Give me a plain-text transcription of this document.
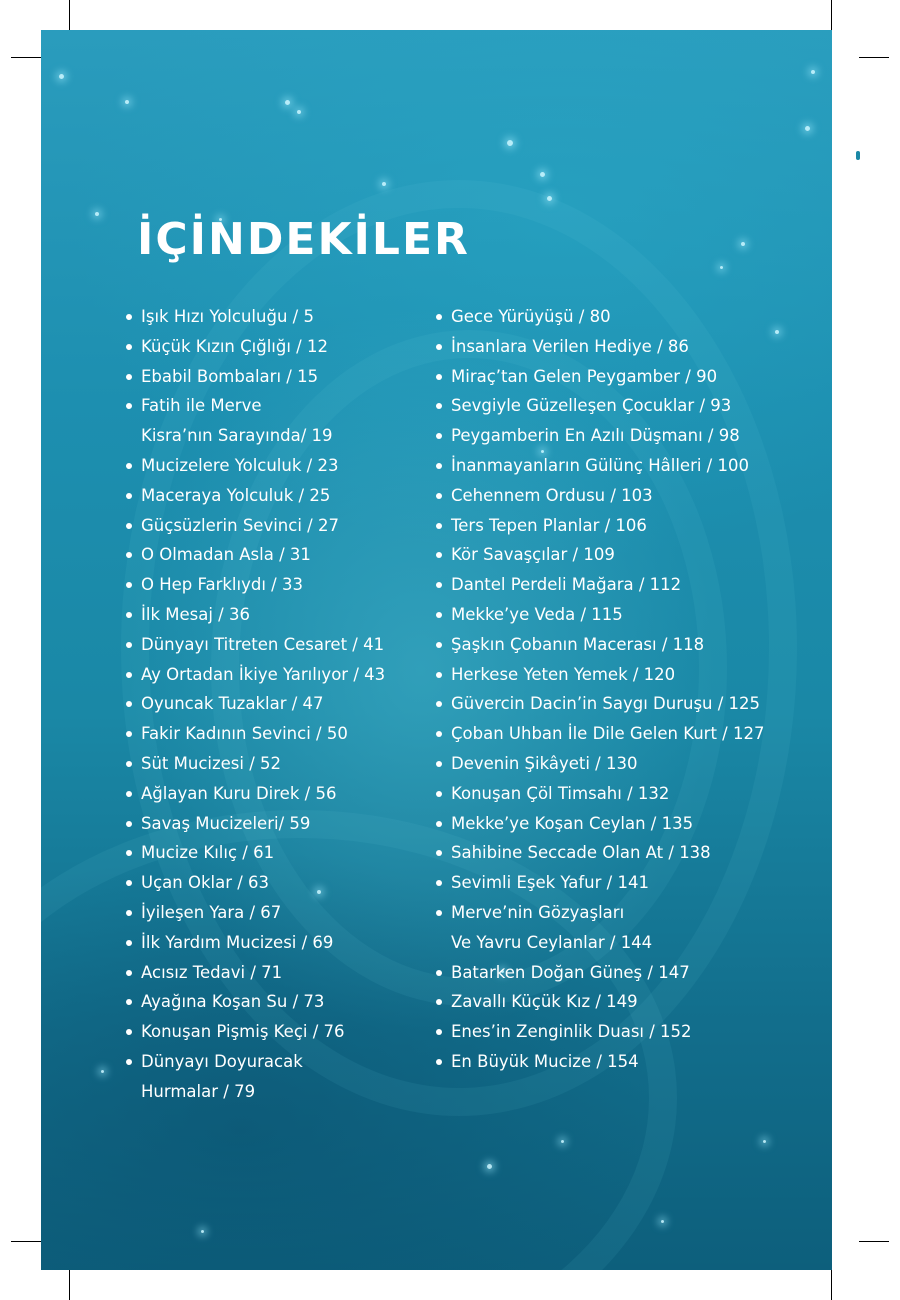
İÇİNDEKİLER
Işık Hızı Yolculuğu / 5
Küçük Kızın Çığlığı / 12
Ebabil Bombaları / 15
Fatih ile Merve
Kisra’nın Sarayında/ 19
Mucizelere Yolculuk / 23
Maceraya Yolculuk / 25
Güçsüzlerin Sevinci / 27
O Olmadan Asla / 31
O Hep Farklıydı / 33
İlk Mesaj / 36
Dünyayı Titreten Cesaret / 41
Ay Ortadan İkiye Yarılıyor / 43
Oyuncak Tuzaklar / 47
Fakir Kadının Sevinci / 50
Süt Mucizesi / 52
Ağlayan Kuru Direk / 56
Savaş Mucizeleri/ 59
Mucize Kılıç / 61
Uçan Oklar / 63
İyileşen Yara / 67
İlk Yardım Mucizesi / 69
Acısız Tedavi / 71
Ayağına Koşan Su / 73
Konuşan Pişmiş Keçi / 76
Dünyayı Doyuracak
Hurmalar / 79
Gece Yürüyüşü / 80
İnsanlara Verilen Hediye / 86
Miraç’tan Gelen Peygamber / 90
Sevgiyle Güzelleşen Çocuklar / 93
Peygamberin En Azılı Düşmanı / 98
İnanmayanların Gülünç Hâlleri / 100
Cehennem Ordusu / 103
Ters Tepen Planlar / 106
Kör Savaşçılar / 109
Dantel Perdeli Mağara / 112
Mekke’ye Veda / 115
Şaşkın Çobanın Macerası / 118
Herkese Yeten Yemek / 120
Güvercin Dacin’in Saygı Duruşu / 125
Çoban Uhban İle Dile Gelen Kurt / 127
Devenin Şikâyeti / 130
Konuşan Çöl Timsahı / 132
Mekke’ye Koşan Ceylan / 135
Sahibine Seccade Olan At / 138
Sevimli Eşek Yafur / 141
Merve’nin Gözyaşları
Ve Yavru Ceylanlar / 144
Batarken Doğan Güneş / 147
Zavallı Küçük Kız / 149
Enes’in Zenginlik Duası / 152
En Büyük Mucize / 154
